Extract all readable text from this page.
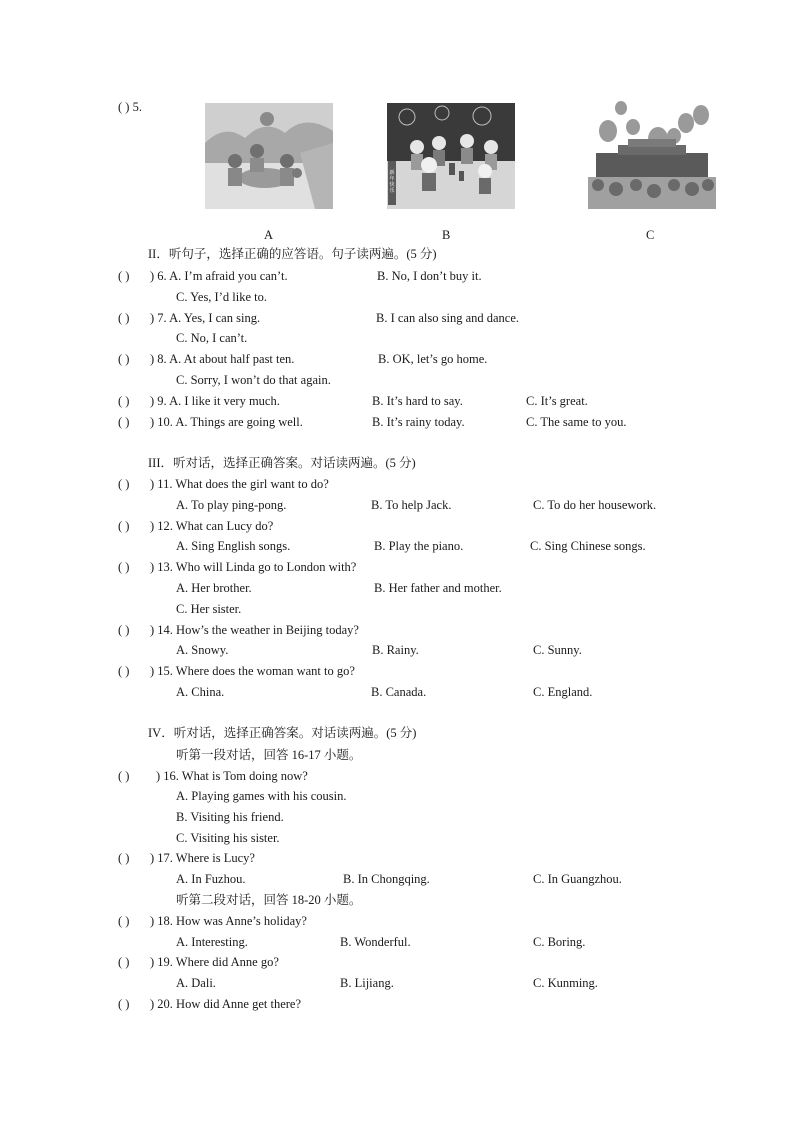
( ) 5.
新年快乐
A	B	C
II．听句子，选择正确的应答语。句子读两遍。(5 分)
( ) ) 6. A. I’m afraid you can’t.	B. No, I don’t buy it.
C. Yes, I’d like to.
( ) ) 7. A. Yes, I can sing.	B. I can also sing and dance.
C. No, I can’t.
( ) ) 8. A. At about half past ten.	B. OK, let’s go home.
C. Sorry, I won’t do that again.
( ) ) 9. A. I like it very much.	B. It’s hard to say.	C. It’s great.
( ) ) 10. A. Things are going well.	B. It’s rainy today.	C. The same to you.
III．听对话，选择正确答案。对话读两遍。(5 分)
( ) ) 11. What does the girl want to do?
A. To play ping-pong.	B. To help Jack.	C. To do her housework.
( ) ) 12. What can Lucy do?
A. Sing English songs.	B. Play the piano.	C. Sing Chinese songs.
( ) ) 13. Who will Linda go to London with?
A. Her brother.	B. Her father and mother.
C. Her sister.
( ) ) 14. How’s the weather in Beijing today?
A. Snowy.	B. Rainy.	C. Sunny.
( ) ) 15. Where does the woman want to go?
A. China.	B. Canada.	C. England.
IV．听对话，选择正确答案。对话读两遍。(5 分)
听第一段对话，回答 16-17 小题。
( ) ) 16. What is Tom doing now?
A. Playing games with his cousin.
B. Visiting his friend.
C. Visiting his sister.
( ) ) 17. Where is Lucy?
A. In Fuzhou.	B. In Chongqing.	C. In Guangzhou.
听第二段对话，回答 18-20 小题。
( ) ) 18. How was Anne’s holiday?
A. Interesting.	B. Wonderful.	C. Boring.
( ) ) 19. Where did Anne go?
A. Dali.	B. Lijiang.	C. Kunming.
( ) ) 20. How did Anne get there?
